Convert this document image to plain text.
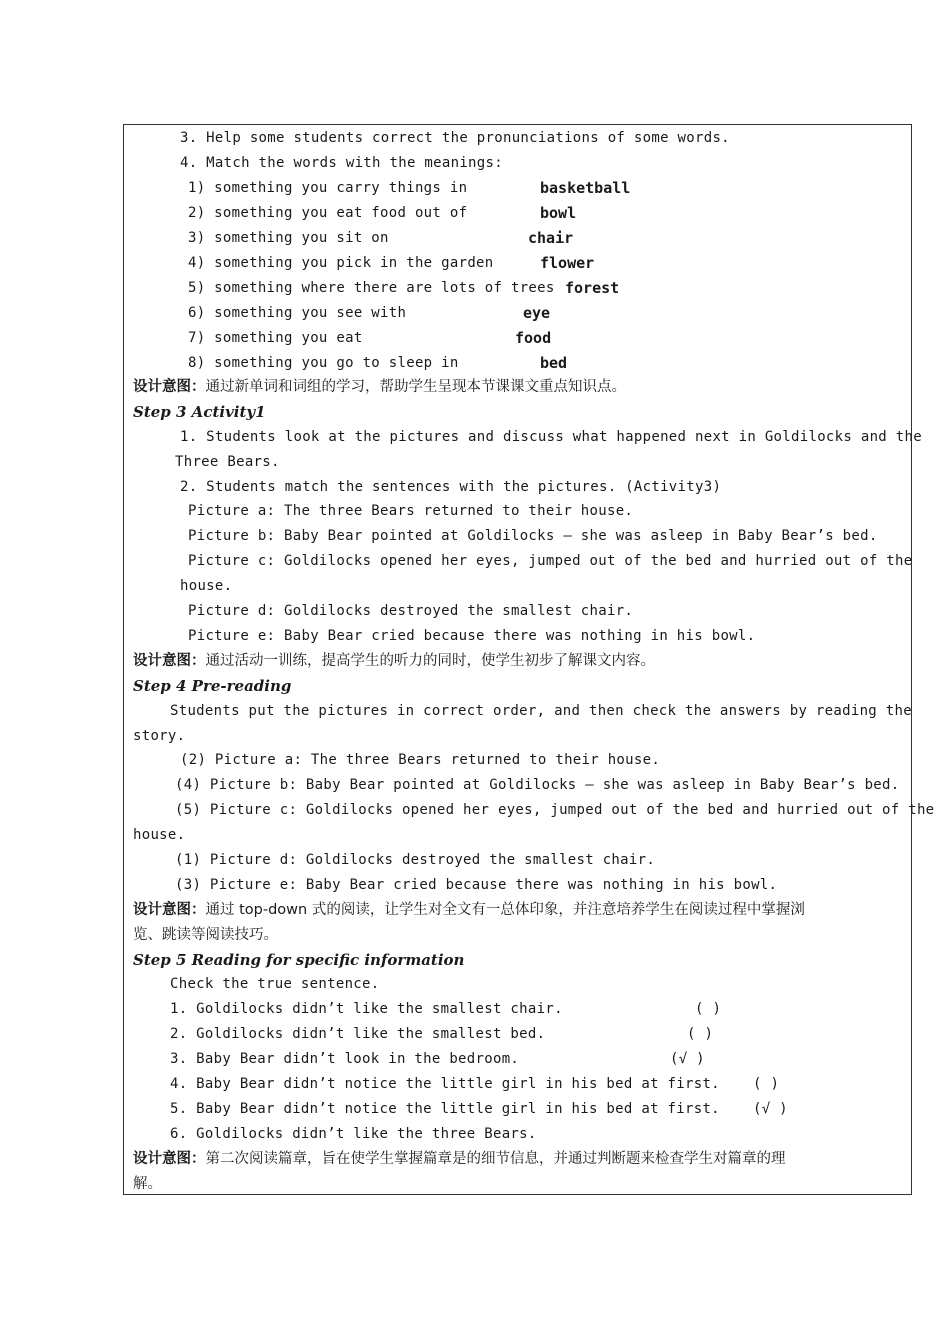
3. Help some students correct the pronunciations of some words.
4. Match the words with the meanings:
1) something you carry things in	basketball
2) something you eat food out of	bowl
3) something you sit on	chair
4) something you pick in the garden	flower
5) something where there are lots of trees forest
6) something you see with	eye
7) something you eat	food
8) something you go to sleep in	bed
设计意图：通过新单词和词组的学习，帮助学生呈现本节课课文重点知识点。
Step 3 Activity1
1. Students look at the pictures and discuss what happened next in Goldilocks and the
Three Bears.
2. Students match the sentences with the pictures. (Activity3)
Picture a: The three Bears returned to their house.
Picture b: Baby Bear pointed at Goldilocks – she was asleep in Baby Bear’s bed.
Picture c: Goldilocks opened her eyes, jumped out of the bed and hurried out of the
house.
Picture d: Goldilocks destroyed the smallest chair.
Picture e: Baby Bear cried because there was nothing in his bowl.
设计意图：通过活动一训练，提高学生的听力的同时，使学生初步了解课文内容。
Step 4 Pre-reading
Students put the pictures in correct order, and then check the answers by reading the
story.
(2) Picture a: The three Bears returned to their house.
(4) Picture b: Baby Bear pointed at Goldilocks – she was asleep in Baby Bear’s bed.
(5) Picture c: Goldilocks opened her eyes, jumped out of the bed and hurried out of the
house.
(1) Picture d: Goldilocks destroyed the smallest chair.
(3) Picture e: Baby Bear cried because there was nothing in his bowl.
设计意图：通过 top-down 式的阅读，让学生对全文有一总体印象，并注意培养学生在阅读过程中掌握浏
览、跳读等阅读技巧。
Step 5 Reading for specific information
Check the true sentence.
1. Goldilocks didn’t like the smallest chair.	( )
2. Goldilocks didn’t like the smallest bed.	( )
3. Baby Bear didn’t look in the bedroom.	(√ )
4. Baby Bear didn’t notice the little girl in his bed at first. ( )
5. Baby Bear didn’t notice the little girl in his bed at first. (√ )
6. Goldilocks didn’t like the three Bears.
设计意图：第二次阅读篇章，旨在使学生掌握篇章是的细节信息，并通过判断题来检查学生对篇章的理
解。
